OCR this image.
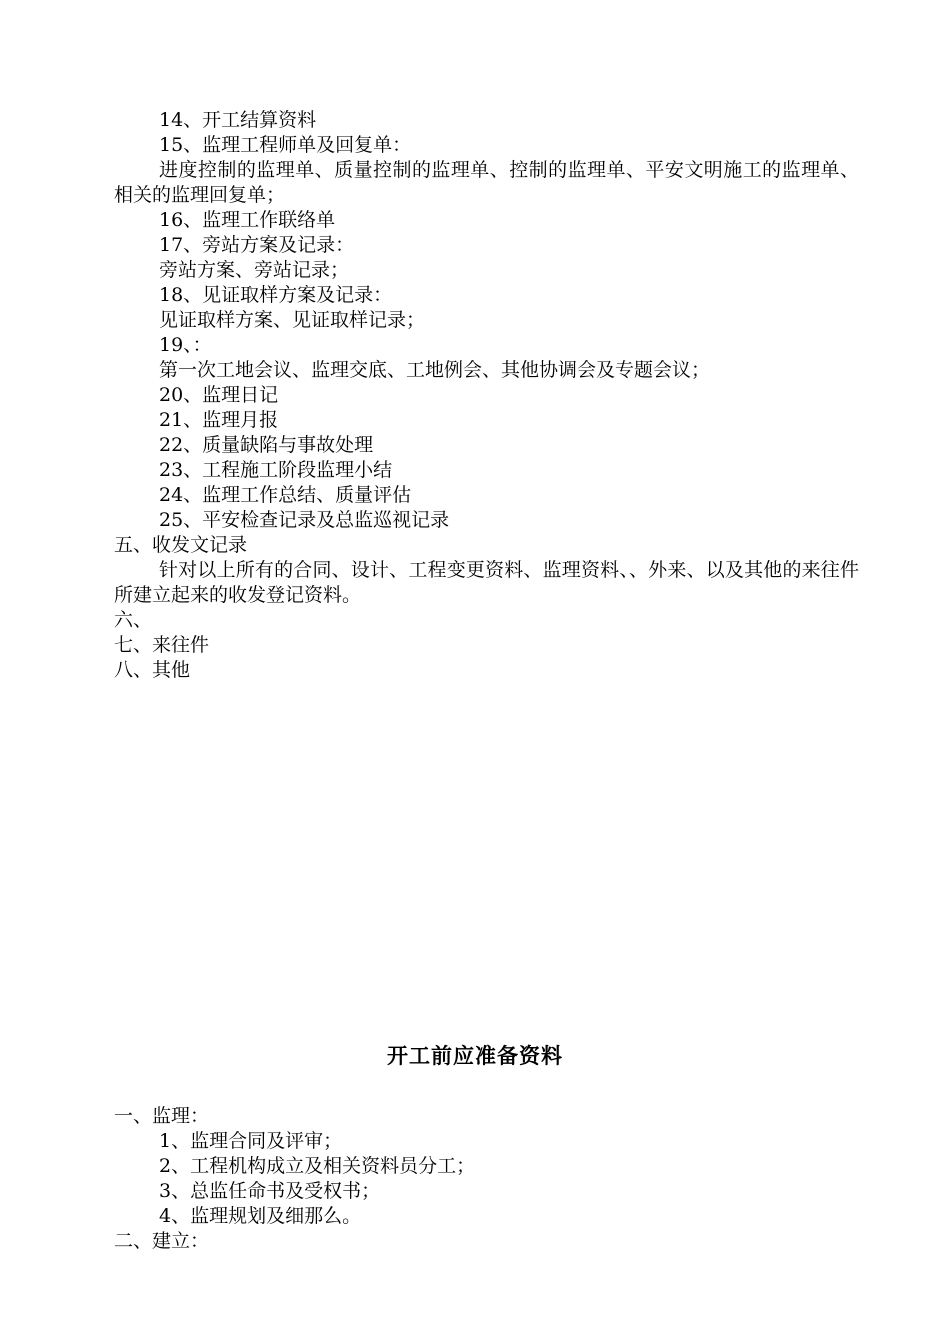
14、开工结算资料
15、监理工程师单及回复单：
进度控制的监理单、质量控制的监理单、控制的监理单、平安文明施工的监理单、相关的监理回复单；
16、监理工作联络单
17、旁站方案及记录：
旁站方案、旁站记录；
18、见证取样方案及记录：
见证取样方案、见证取样记录；
19、：
第一次工地会议、监理交底、工地例会、其他协调会及专题会议；
20、监理日记
21、监理月报
22、质量缺陷与事故处理
23、工程施工阶段监理小结
24、监理工作总结、质量评估
25、平安检查记录及总监巡视记录
五、收发文记录
针对以上所有的合同、设计、工程变更资料、监理资料、、外来、以及其他的来往件所建立起来的收发登记资料。
六、
七、来往件
八、其他
开工前应准备资料
一、监理：
1、监理合同及评审；
2、工程机构成立及相关资料员分工；
3、总监任命书及受权书；
4、监理规划及细那么。
二、建立：
